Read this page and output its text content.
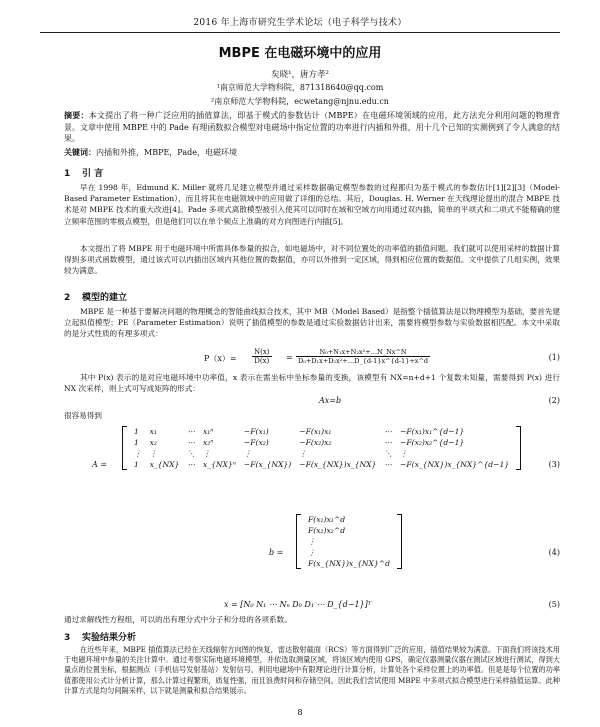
2016 年上海市研究生学术论坛（电子科学与技术）
MBPE 在电磁环境中的应用
矣晓¹，唐方孝²
¹南京师范大学物科院，871318640@qq.com
²南京师范大学物科院，ecwetang@njnu.edu.cn
摘要：本文提出了将一种广泛应用的插值算法，即基于模式的参数估计（MBPE）在电磁环境领域的应用，此方法充分利用问题的物理背景。文章中使用 MBPE 中的 Pade 有理函数拟合模型对电磁场中指定位置的功率进行内插和外推，用十几个已知的实测例到了令人满意的结果。
关键词：内插和外推，MBPE，Pade，电磁环境
1 引 言
早在 1998 年，Edmund K. Miller 就将几足建立模型并通过采样数据确定模型参数的过程都归为基于模式的参数估计[1][2][3]（Model-Based Parameter Estimation），而且将其在电磁领域中的应用做了详细的总结。其后，Douglas. H. Werner 在天线理论提出的混合 MBPE 技术是对 MBPE 技术的重大改进[4]。Pade 多项式离散模型被引入使其可以同时在域和空域方向用通过双内插，简单的平项式和二项式不能精确的建立频率范围的零极点模型，但是他们可以在单个频点上准确的对方向图进行内插[5]。
本文提出了将 MBPE 用于电磁环境中所需具体参量的拟合，如电磁场中，对不同位置处的功率值的插值问题。我们就可以使用采样的数据计算得到多项式函数模型，通过该式可以内插出区域内其他位置的数据值，亦可以外推到一定区域，得到相应位置的数据值。文中提供了几组实例，效果较为满意。
2 模型的建立
MBPE 是一种基于要解决问题的物理概念的智能曲线拟合技术，其中 MB（Model Based）是指整个插值算法是以物理模型为基础，要首先建立起拟值模型；PE（Parameter Estimation）说明了插值模型的参数是通过实验数据估计出来，需要将模型参数与实验数据相匹配。本文中采取的是分式性质的有理多项式：
$P(x)= \frac{N(x)}{D(x)} = \frac{\text{N₀+N₁x+N₂x²+…N\_Nx\textasciicircum{}N}}{\text{D₀+D₁x+D₂x²+…D\_\{d-1\}x\textasciicircum{}\{d-1\}+x\textasciicircum{}d}}$	(1)
其中 P(x) 表示的是对应电磁环境中功率值，x 表示在需坐标中坐标参量的变换，该模型有 NX=n+d+1 个复数未知量，需要得到 P(x) 进行 NX 次采样，则上式可写成矩阵的形式：
Ax=b	(2)
很容易得到
A =
1	x₁	⋯	x₁ⁿ	−F(x₁)	−F(x₁)x₁	⋯	−F(x₁)x₁^{d−1}
1	x₂	⋯	x₂ⁿ	−F(x₂)	−F(x₂)x₂	⋯	−F(x₂)x₂^{d−1}
⋮	⋮	⋱	⋮	⋮	⋮	⋱	⋮
1	x_{NX}	⋯	x_{NX}ⁿ	−F(x_{NX})	−F(x_{NX})x_{NX}	⋯	−F(x_{NX})x_{NX}^{d−1}	(3)
b =
F(x₁)x₁^d
F(x₂)x₂^d
⋮
⋮
F(x_{NX})x_{NX}^d
(4)
x = [N₀ N₁ ⋯ Nₙ D₀ D₁ ⋯ D_{d−1}]ᵀ	(5)
通过求解线性方程组，可以的出有理分式中分子和分母的各项系数。
3 实验结果分析
在近些年来，MBPE 插值算法已经在天线辐射方向图的恢复，雷达散射截面（RCS）等方面得到广泛的应用，插值结果较为满意。下面我们将该技术用于电磁环境中参量的关注计算中。通过考察实际电磁环境模型，并依选取测量区域，将该区域内使用 GPS，确定仪器测量仪器在测试区域进行测试，得到大量点的位置坐标，根据测点（手机信号发射基站）发射信号，利用电磁场中有限理论进行计算分析，计算处各个采样位置上的功率值。但是是每个位置的功率值都使用公式计分析计算，那么计算过程繁琐，质复性强，而且浪费时间和存储空间。因此我们尝试使用 MBPE 中多项式拟合模型进行采样插值运算。此种计算方式是均匀间隔采样，以下就是测量和拟合结果展示。
8
